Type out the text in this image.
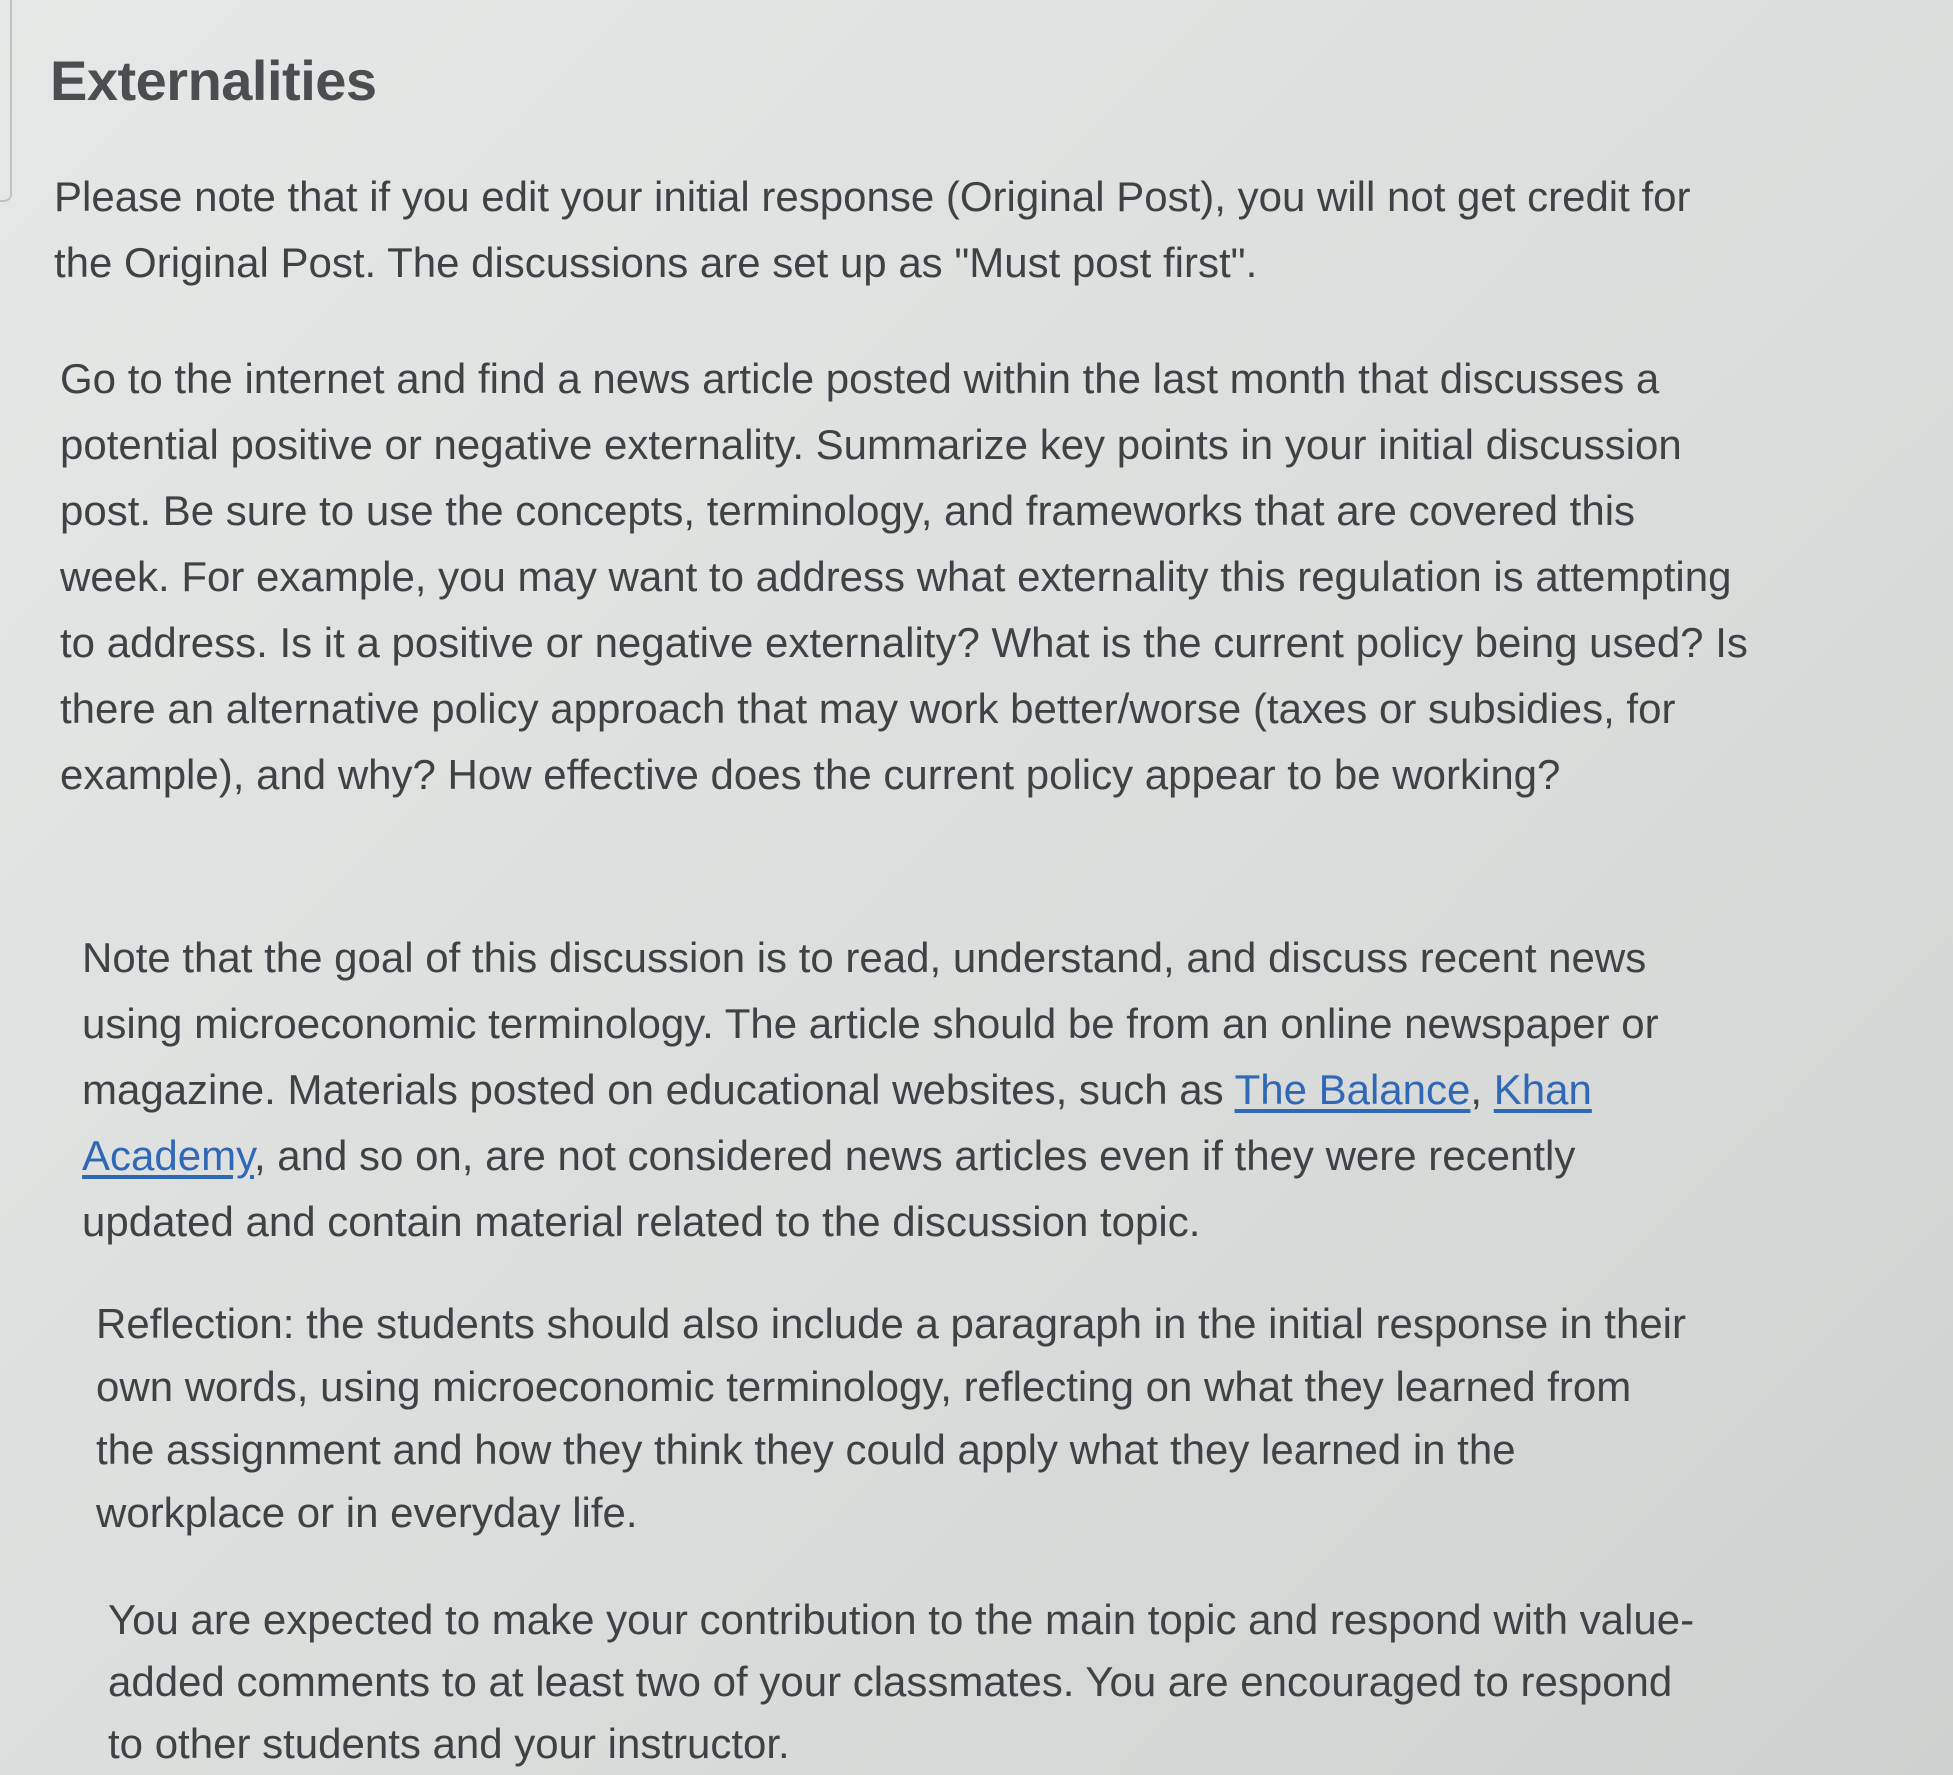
Externalities

Please note that if you edit your initial response (Original Post), you will not get credit for the Original Post. The discussions are set up as "Must post first".

Go to the internet and find a news article posted within the last month that discusses a potential positive or negative externality. Summarize key points in your initial discussion post. Be sure to use the concepts, terminology, and frameworks that are covered this week. For example, you may want to address what externality this regulation is attempting to address. Is it a positive or negative externality? What is the current policy being used? Is there an alternative policy approach that may work better/worse (taxes or subsidies, for example), and why? How effective does the current policy appear to be working?

Note that the goal of this discussion is to read, understand, and discuss recent news using microeconomic terminology. The article should be from an online newspaper or magazine. Materials posted on educational websites, such as The Balance, Khan Academy, and so on, are not considered news articles even if they were recently updated and contain material related to the discussion topic.

Reflection: the students should also include a paragraph in the initial response in their own words, using microeconomic terminology, reflecting on what they learned from the assignment and how they think they could apply what they learned in the workplace or in everyday life.

You are expected to make your contribution to the main topic and respond with value-added comments to at least two of your classmates. You are encouraged to respond to other students and your instructor.
